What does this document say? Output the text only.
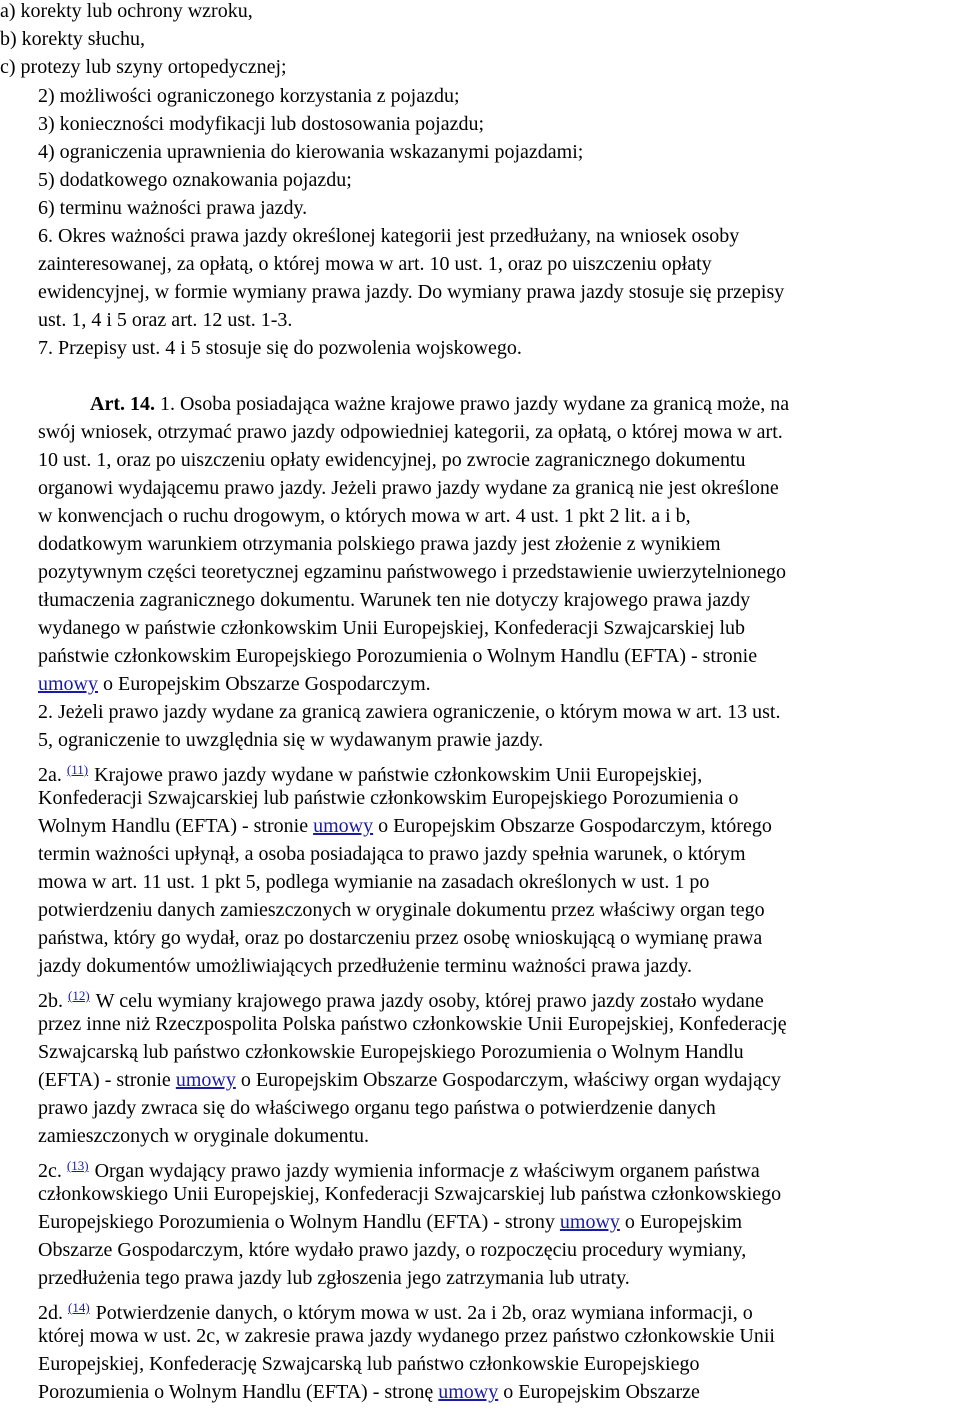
a) korekty lub ochrony wzroku,
b) korekty słuchu,
c) protezy lub szyny ortopedycznej;
2) możliwości ograniczonego korzystania z pojazdu;
3) konieczności modyfikacji lub dostosowania pojazdu;
4) ograniczenia uprawnienia do kierowania wskazanymi pojazdami;
5) dodatkowego oznakowania pojazdu;
6) terminu ważności prawa jazdy.
6. Okres ważności prawa jazdy określonej kategorii jest przedłużany, na wniosek osoby
zainteresowanej, za opłatą, o której mowa w art. 10 ust. 1, oraz po uiszczeniu opłaty
ewidencyjnej, w formie wymiany prawa jazdy. Do wymiany prawa jazdy stosuje się przepisy
ust. 1, 4 i 5 oraz art. 12 ust. 1-3.
7. Przepisy ust. 4 i 5 stosuje się do pozwolenia wojskowego.
Art. 14. 1. Osoba posiadająca ważne krajowe prawo jazdy wydane za granicą może, na
swój wniosek, otrzymać prawo jazdy odpowiedniej kategorii, za opłatą, o której mowa w art.
10 ust. 1, oraz po uiszczeniu opłaty ewidencyjnej, po zwrocie zagranicznego dokumentu
organowi wydającemu prawo jazdy. Jeżeli prawo jazdy wydane za granicą nie jest określone
w konwencjach o ruchu drogowym, o których mowa w art. 4 ust. 1 pkt 2 lit. a i b,
dodatkowym warunkiem otrzymania polskiego prawa jazdy jest złożenie z wynikiem
pozytywnym części teoretycznej egzaminu państwowego i przedstawienie uwierzytelnionego
tłumaczenia zagranicznego dokumentu. Warunek ten nie dotyczy krajowego prawa jazdy
wydanego w państwie członkowskim Unii Europejskiej, Konfederacji Szwajcarskiej lub
państwie członkowskim Europejskiego Porozumienia o Wolnym Handlu (EFTA) - stronie
umowy o Europejskim Obszarze Gospodarczym.
2. Jeżeli prawo jazdy wydane za granicą zawiera ograniczenie, o którym mowa w art. 13 ust.
5, ograniczenie to uwzględnia się w wydawanym prawie jazdy.
2a. $^{(11)}$ Krajowe prawo jazdy wydane w państwie członkowskim Unii Europejskiej,
Konfederacji Szwajcarskiej lub państwie członkowskim Europejskiego Porozumienia o
Wolnym Handlu (EFTA) - stronie umowy o Europejskim Obszarze Gospodarczym, którego
termin ważności upłynął, a osoba posiadająca to prawo jazdy spełnia warunek, o którym
mowa w art. 11 ust. 1 pkt 5, podlega wymianie na zasadach określonych w ust. 1 po
potwierdzeniu danych zamieszczonych w oryginale dokumentu przez właściwy organ tego
państwa, który go wydał, oraz po dostarczeniu przez osobę wnioskującą o wymianę prawa
jazdy dokumentów umożliwiających przedłużenie terminu ważności prawa jazdy.
2b. $^{(12)}$ W celu wymiany krajowego prawa jazdy osoby, której prawo jazdy zostało wydane
przez inne niż Rzeczpospolita Polska państwo członkowskie Unii Europejskiej, Konfederację
Szwajcarską lub państwo członkowskie Europejskiego Porozumienia o Wolnym Handlu
(EFTA) - stronie umowy o Europejskim Obszarze Gospodarczym, właściwy organ wydający
prawo jazdy zwraca się do właściwego organu tego państwa o potwierdzenie danych
zamieszczonych w oryginale dokumentu.
2c. $^{(13)}$ Organ wydający prawo jazdy wymienia informacje z właściwym organem państwa
członkowskiego Unii Europejskiej, Konfederacji Szwajcarskiej lub państwa członkowskiego
Europejskiego Porozumienia o Wolnym Handlu (EFTA) - strony umowy o Europejskim
Obszarze Gospodarczym, które wydało prawo jazdy, o rozpoczęciu procedury wymiany,
przedłużenia tego prawa jazdy lub zgłoszenia jego zatrzymania lub utraty.
2d. $^{(14)}$ Potwierdzenie danych, o którym mowa w ust. 2a i 2b, oraz wymiana informacji, o
której mowa w ust. 2c, w zakresie prawa jazdy wydanego przez państwo członkowskie Unii
Europejskiej, Konfederację Szwajcarską lub państwo członkowskie Europejskiego
Porozumienia o Wolnym Handlu (EFTA) - stronę umowy o Europejskim Obszarze
